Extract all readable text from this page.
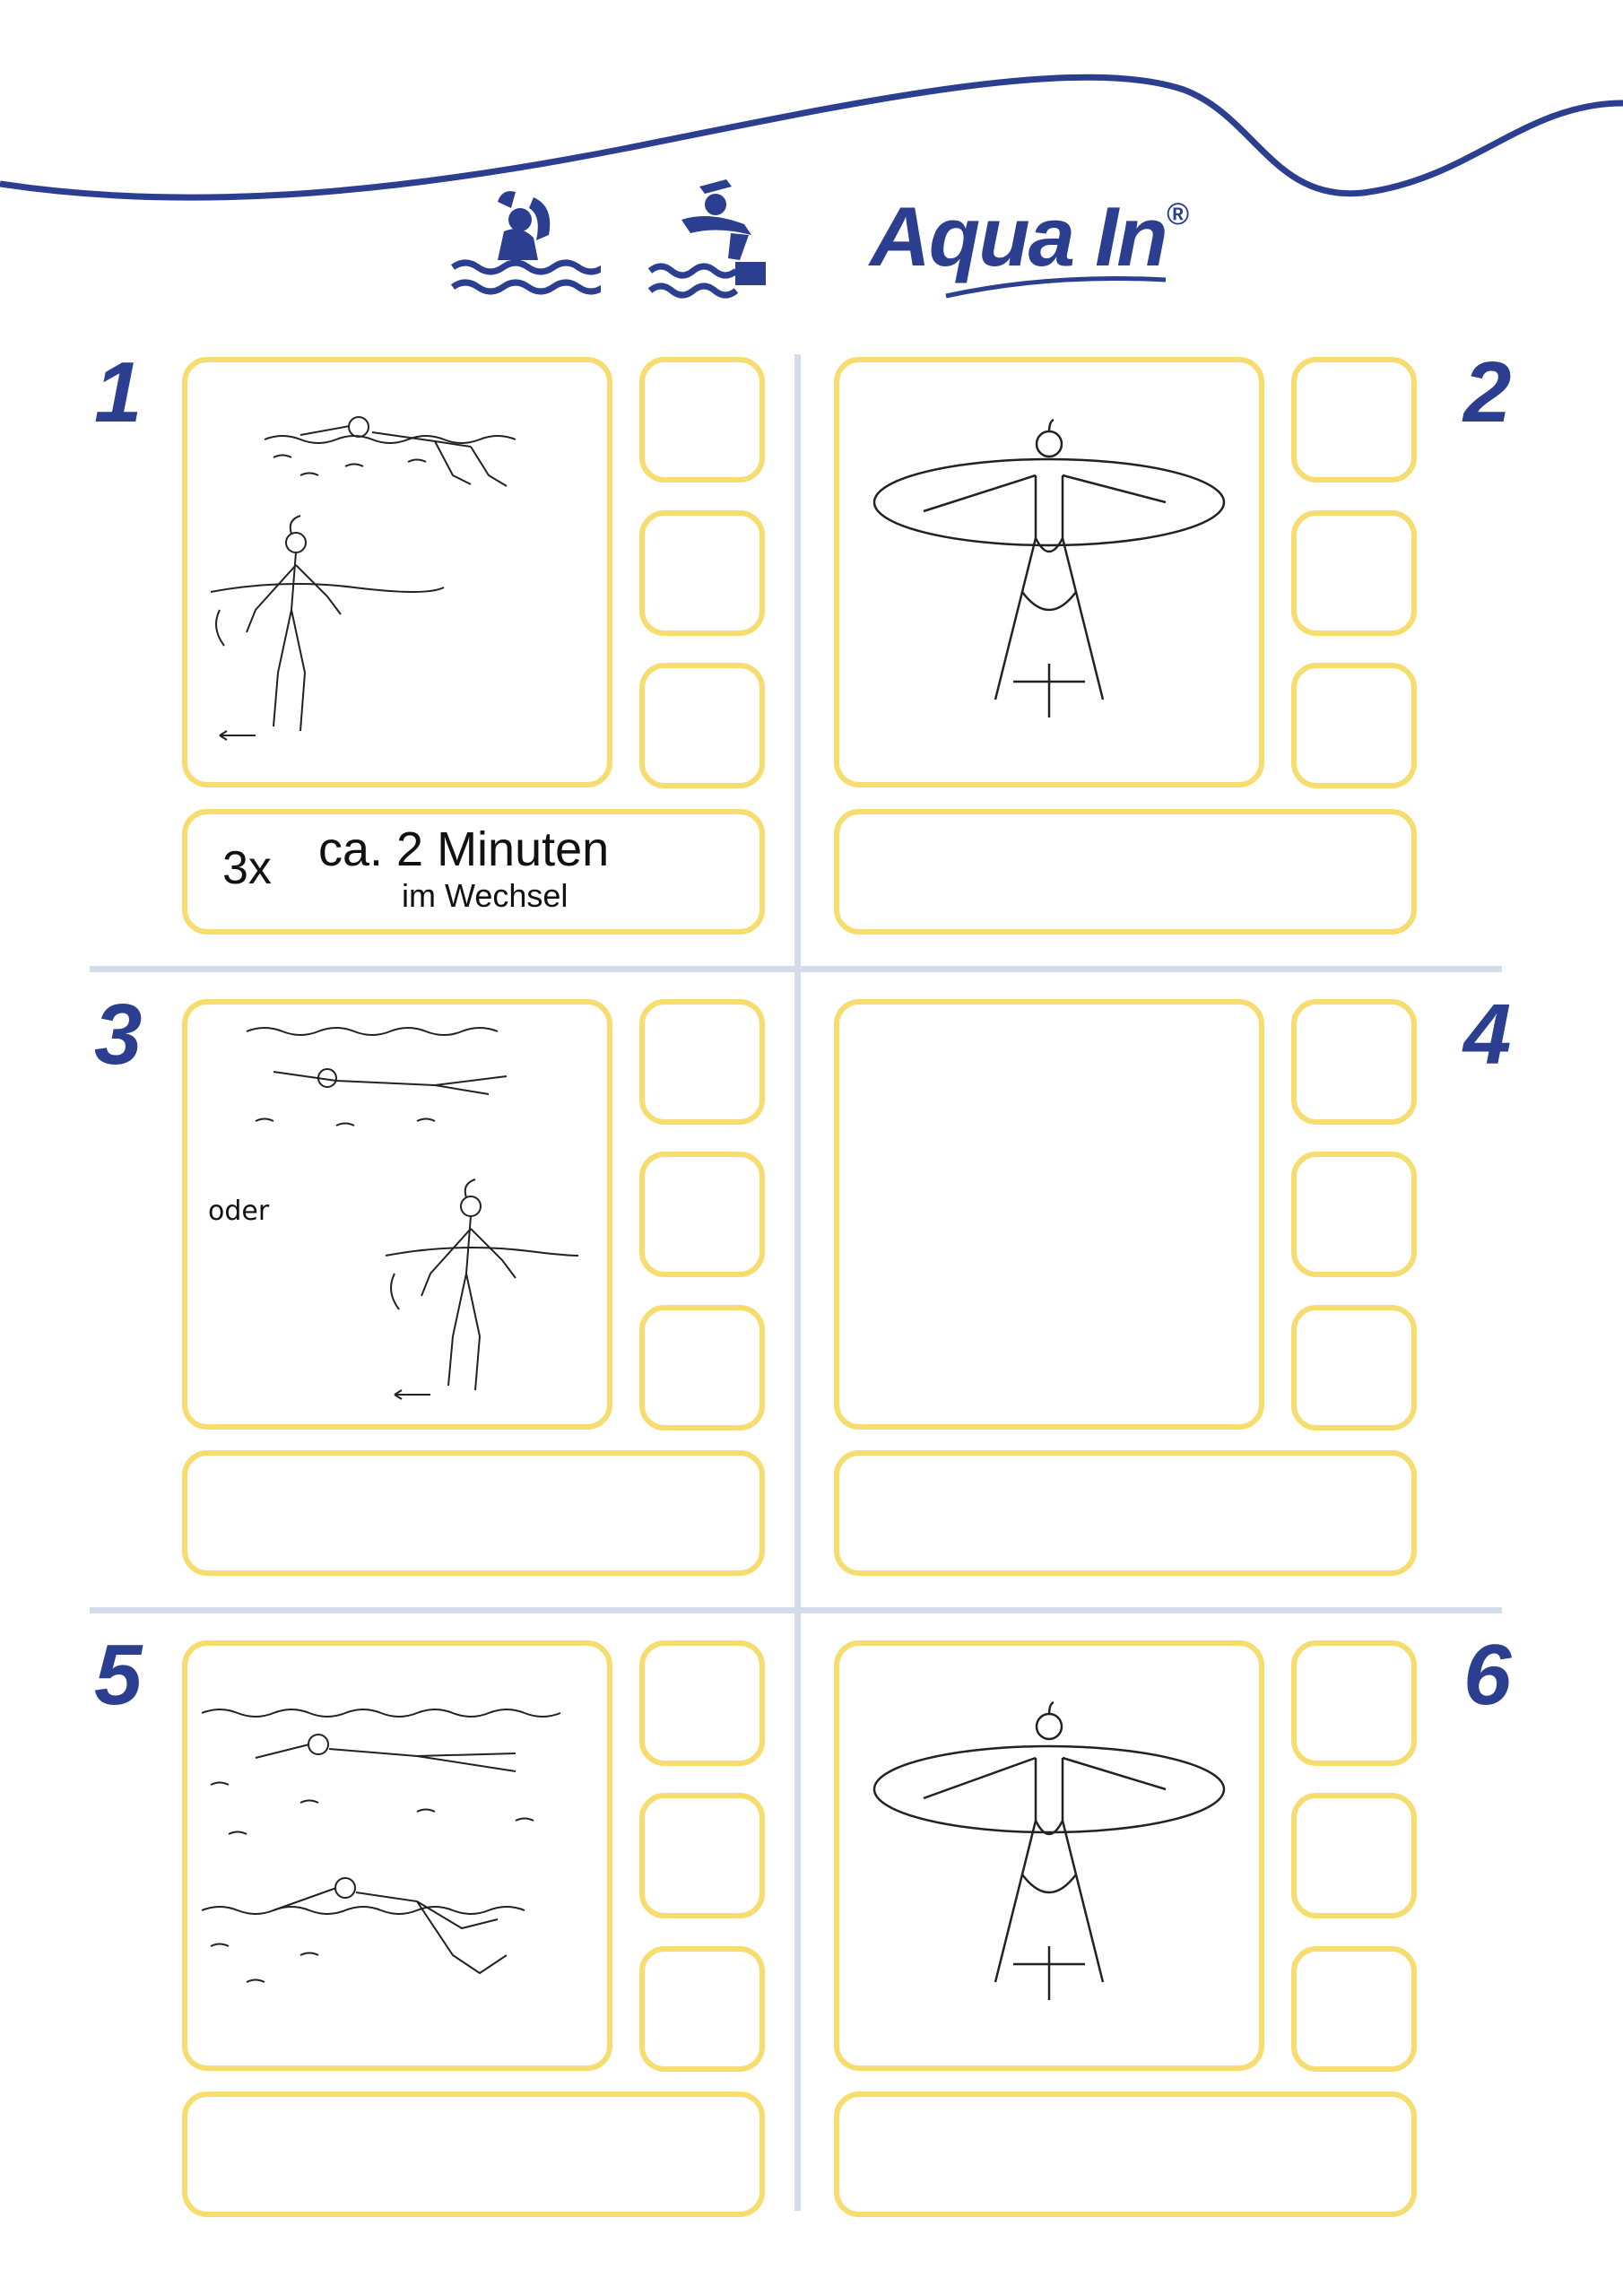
Aqua In®
1
3x ca. 2 Minuten
im Wechsel
2
3
oder
4
5	6
